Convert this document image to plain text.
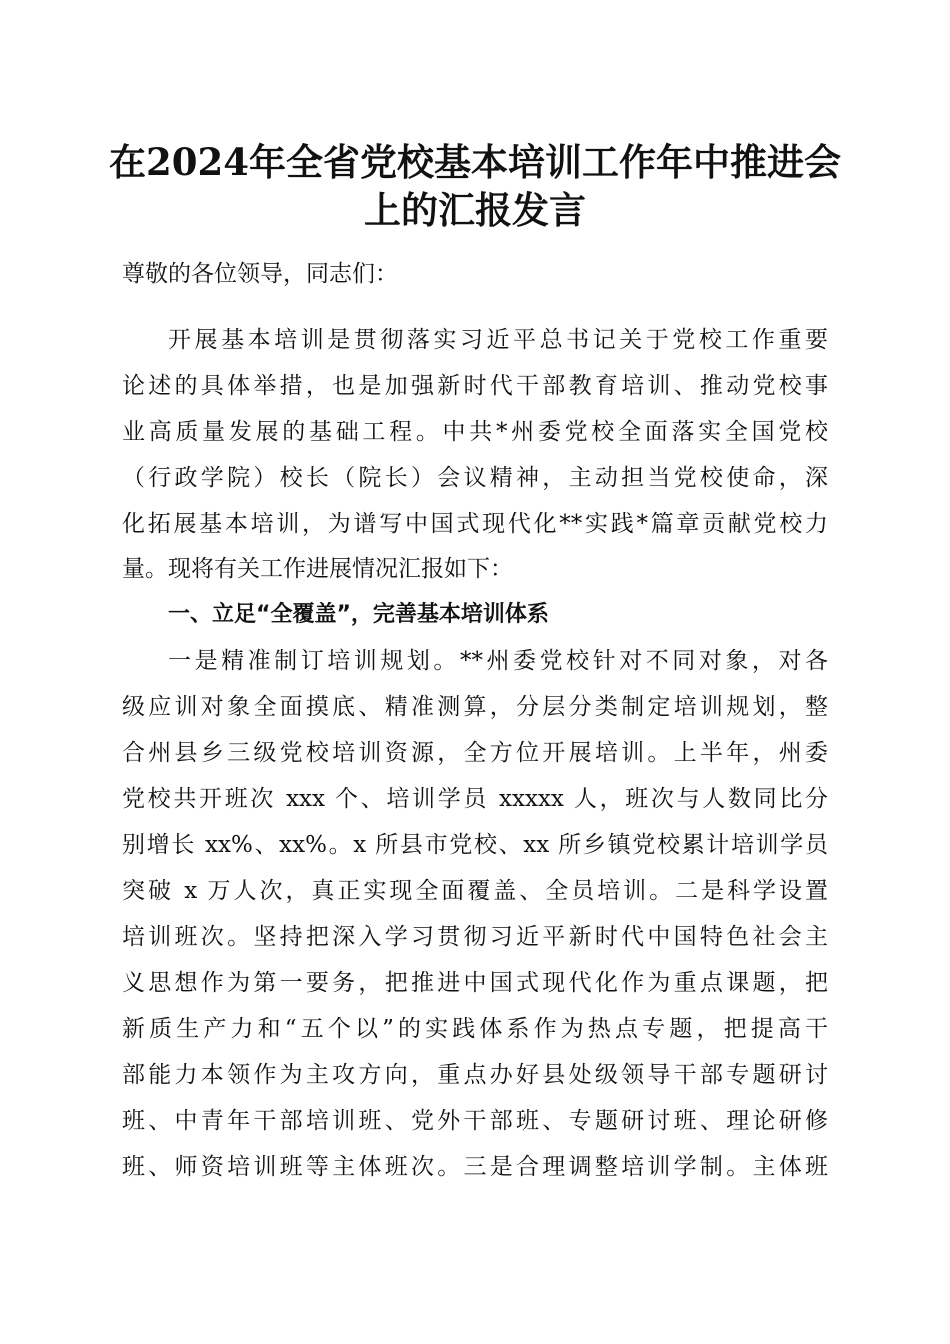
在2024年全省党校基本培训工作年中推进会
上的汇报发言
尊敬的各位领导，同志们：
开展基本培训是贯彻落实习近平总书记关于党校工作重要
论述的具体举措，也是加强新时代干部教育培训、推动党校事
业高质量发展的基础工程。中共*州委党校全面落实全国党校
（行政学院）校长（院长）会议精神，主动担当党校使命，深
化拓展基本培训，为谱写中国式现代化**实践*篇章贡献党校力
量。现将有关工作进展情况汇报如下：
一、立足“全覆盖”，完善基本培训体系
一是精准制订培训规划。**州委党校针对不同对象，对各
级应训对象全面摸底、精准测算，分层分类制定培训规划，整
合州县乡三级党校培训资源，全方位开展培训。上半年，州委
党校共开班次 xxx 个、培训学员 xxxxx 人，班次与人数同比分
别增长 xx%、xx%。x 所县市党校、xx 所乡镇党校累计培训学员
突破 x 万人次，真正实现全面覆盖、全员培训。二是科学设置
培训班次。坚持把深入学习贯彻习近平新时代中国特色社会主
义思想作为第一要务，把推进中国式现代化作为重点课题，把
新质生产力和“五个以”的实践体系作为热点专题，把提高干
部能力本领作为主攻方向，重点办好县处级领导干部专题研讨
班、中青年干部培训班、党外干部班、专题研讨班、理论研修
班、师资培训班等主体班次。三是合理调整培训学制。主体班
